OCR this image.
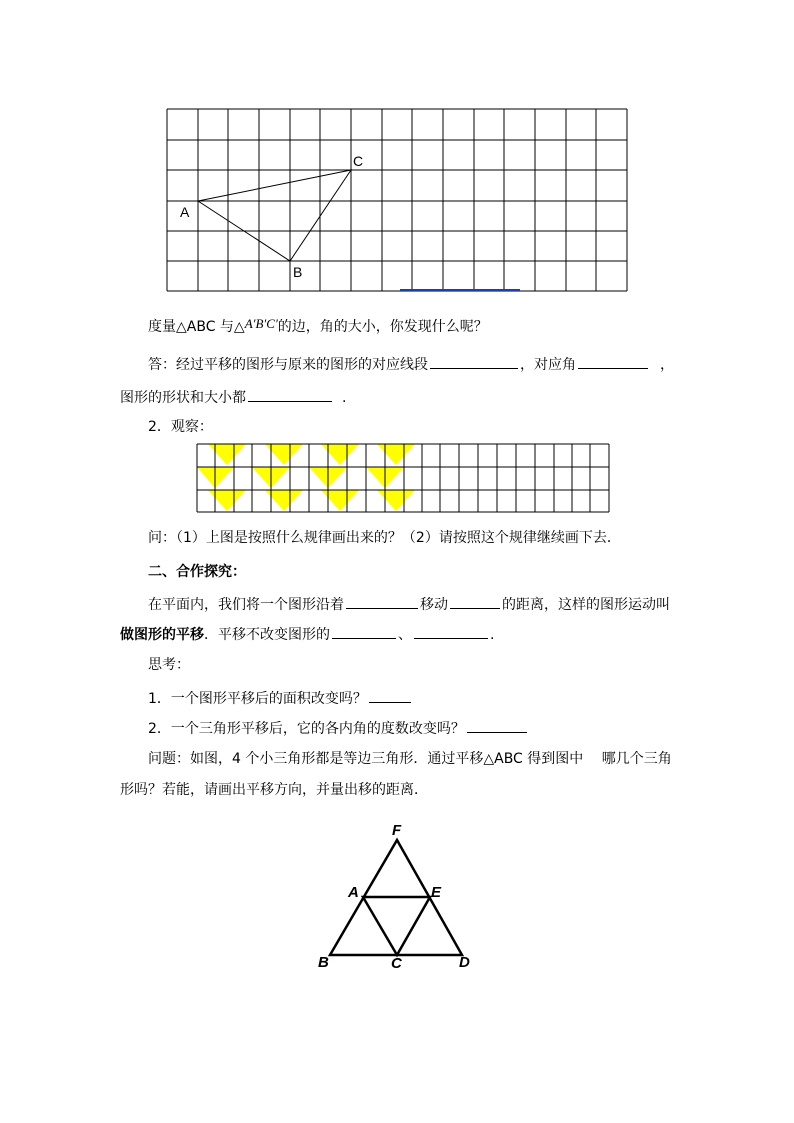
A
B
C
度量△ABC 与△A′B′C′的边，角的大小，你发现什么呢？
答：经过平移的图形与原来的图形的对应线段	，对应角	，
图形的形状和大小都	.
2．观察：
问：（1）上图是按照什么规律画出来的？（2）请按照这个规律继续画下去．
二、合作探究：
在平面内，我们将一个图形沿着	移动	的距离，这样的图形运动叫
做图形的平移．平移不改变图形的	、	.
思考：
1．一个图形平移后的面积改变吗？
2．一个三角形平移后，它的各内角的度数改变吗？
问题：如图，4 个小三角形都是等边三角形．通过平移△ABC 得到图中　 哪几个三角
形吗？若能，请画出平移方向，并量出移的距离．
F
A	E
B	C	D
